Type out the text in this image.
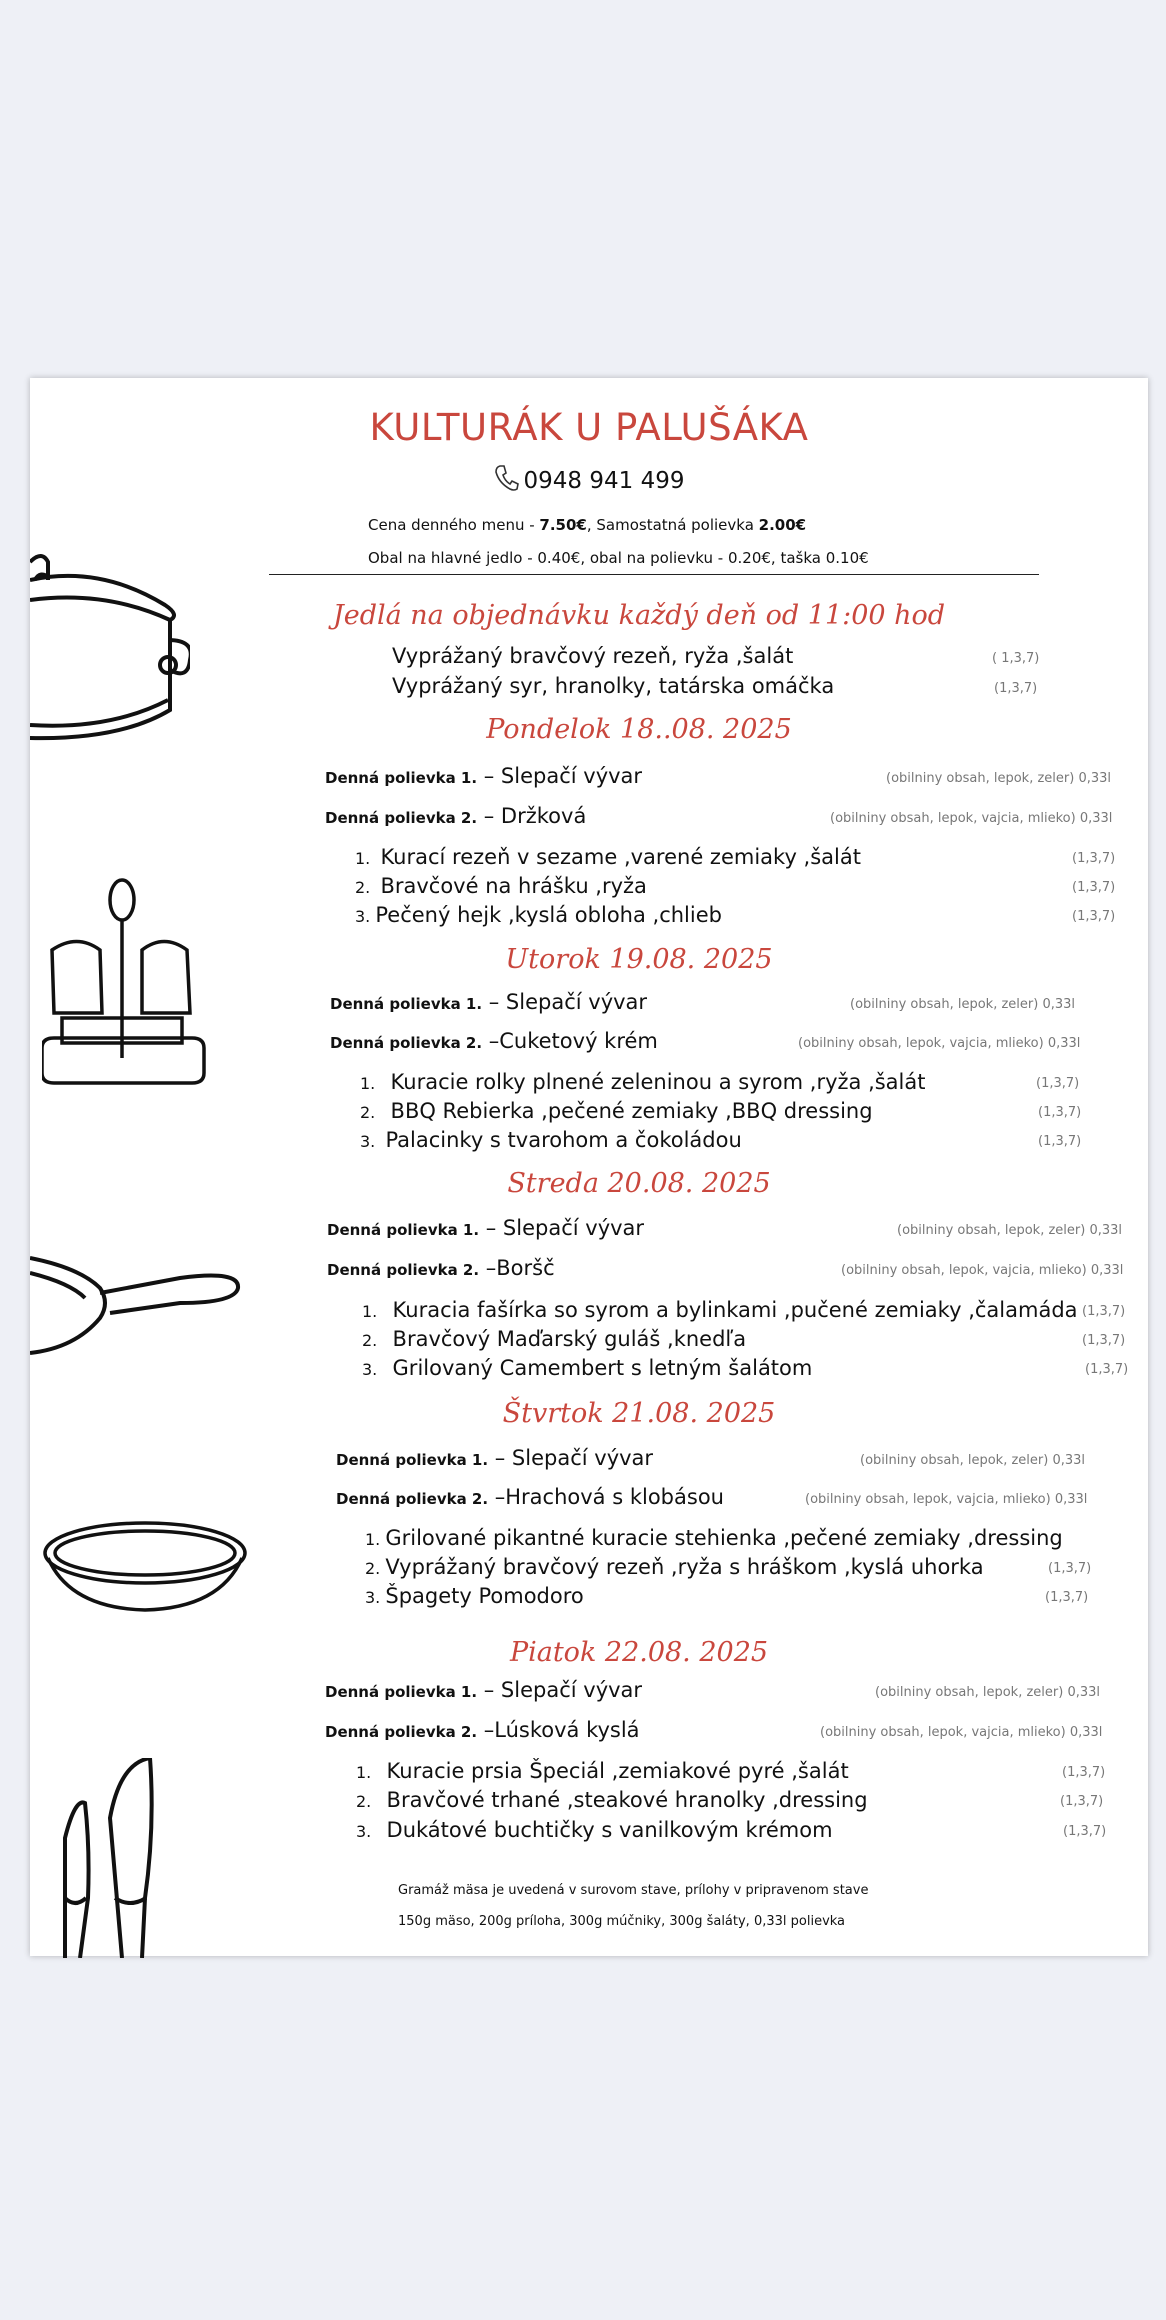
KULTURÁK U PALUŠÁKA
0948 941 499
Cena denného menu - 7.50€, Samostatná polievka 2.00€
Obal na hlavné jedlo - 0.40€, obal na polievku - 0.20€, taška 0.10€
Jedlá na objednávku každý deň od 11:00 hod
Vyprážaný bravčový rezeň, ryža ,šalát	( 1,3,7)
Vyprážaný syr, hranolky, tatárska omáčka	(1,3,7)
Pondelok 18..08. 2025
Denná polievka 1. – Slepačí vývar	(obilniny obsah, lepok, zeler) 0,33l
Denná polievka 2. – Držková	(obilniny obsah, lepok, vajcia, mlieko) 0,33l
1. Kurací rezeň v sezame ,varené zemiaky ,šalát	(1,3,7)
2. Bravčové na hrášku ,ryža	(1,3,7)
3. Pečený hejk ,kyslá obloha ,chlieb	(1,3,7)
Utorok 19.08. 2025
Denná polievka 1. – Slepačí vývar	(obilniny obsah, lepok, zeler) 0,33l
Denná polievka 2. –Cuketový krém	(obilniny obsah, lepok, vajcia, mlieko) 0,33l
1. Kuracie rolky plnené zeleninou a syrom ,ryža ,šalát	(1,3,7)
2. BBQ Rebierka ,pečené zemiaky ,BBQ dressing	(1,3,7)
3. Palacinky s tvarohom a čokoládou	(1,3,7)
Streda 20.08. 2025
Denná polievka 1. – Slepačí vývar	(obilniny obsah, lepok, zeler) 0,33l
Denná polievka 2. –Boršč	(obilniny obsah, lepok, vajcia, mlieko) 0,33l
1. Kuracia fašírka so syrom a bylinkami ,pučené zemiaky ,čalamáda (1,3,7)
2. Bravčový Maďarský guláš ,knedľa	(1,3,7)
3. Grilovaný Camembert s letným šalátom	(1,3,7)
Štvrtok 21.08. 2025
Denná polievka 1. – Slepačí vývar	(obilniny obsah, lepok, zeler) 0,33l
Denná polievka 2. –Hrachová s klobásou	(obilniny obsah, lepok, vajcia, mlieko) 0,33l
1. Grilované pikantné kuracie stehienka ,pečené zemiaky ,dressing
2. Vyprážaný bravčový rezeň ,ryža s hráškom ,kyslá uhorka	(1,3,7)
3. Špagety Pomodoro	(1,3,7)
Piatok 22.08. 2025
Denná polievka 1. – Slepačí vývar	(obilniny obsah, lepok, zeler) 0,33l
Denná polievka 2. –Lúsková kyslá	(obilniny obsah, lepok, vajcia, mlieko) 0,33l
1. Kuracie prsia Špeciál ,zemiakové pyré ,šalát	(1,3,7)
2. Bravčové trhané ,steakové hranolky ,dressing	(1,3,7)
3. Dukátové buchtičky s vanilkovým krémom	(1,3,7)
Gramáž mäsa je uvedená v surovom stave, prílohy v pripravenom stave
150g mäso, 200g príloha, 300g múčniky, 300g šaláty, 0,33l polievka
